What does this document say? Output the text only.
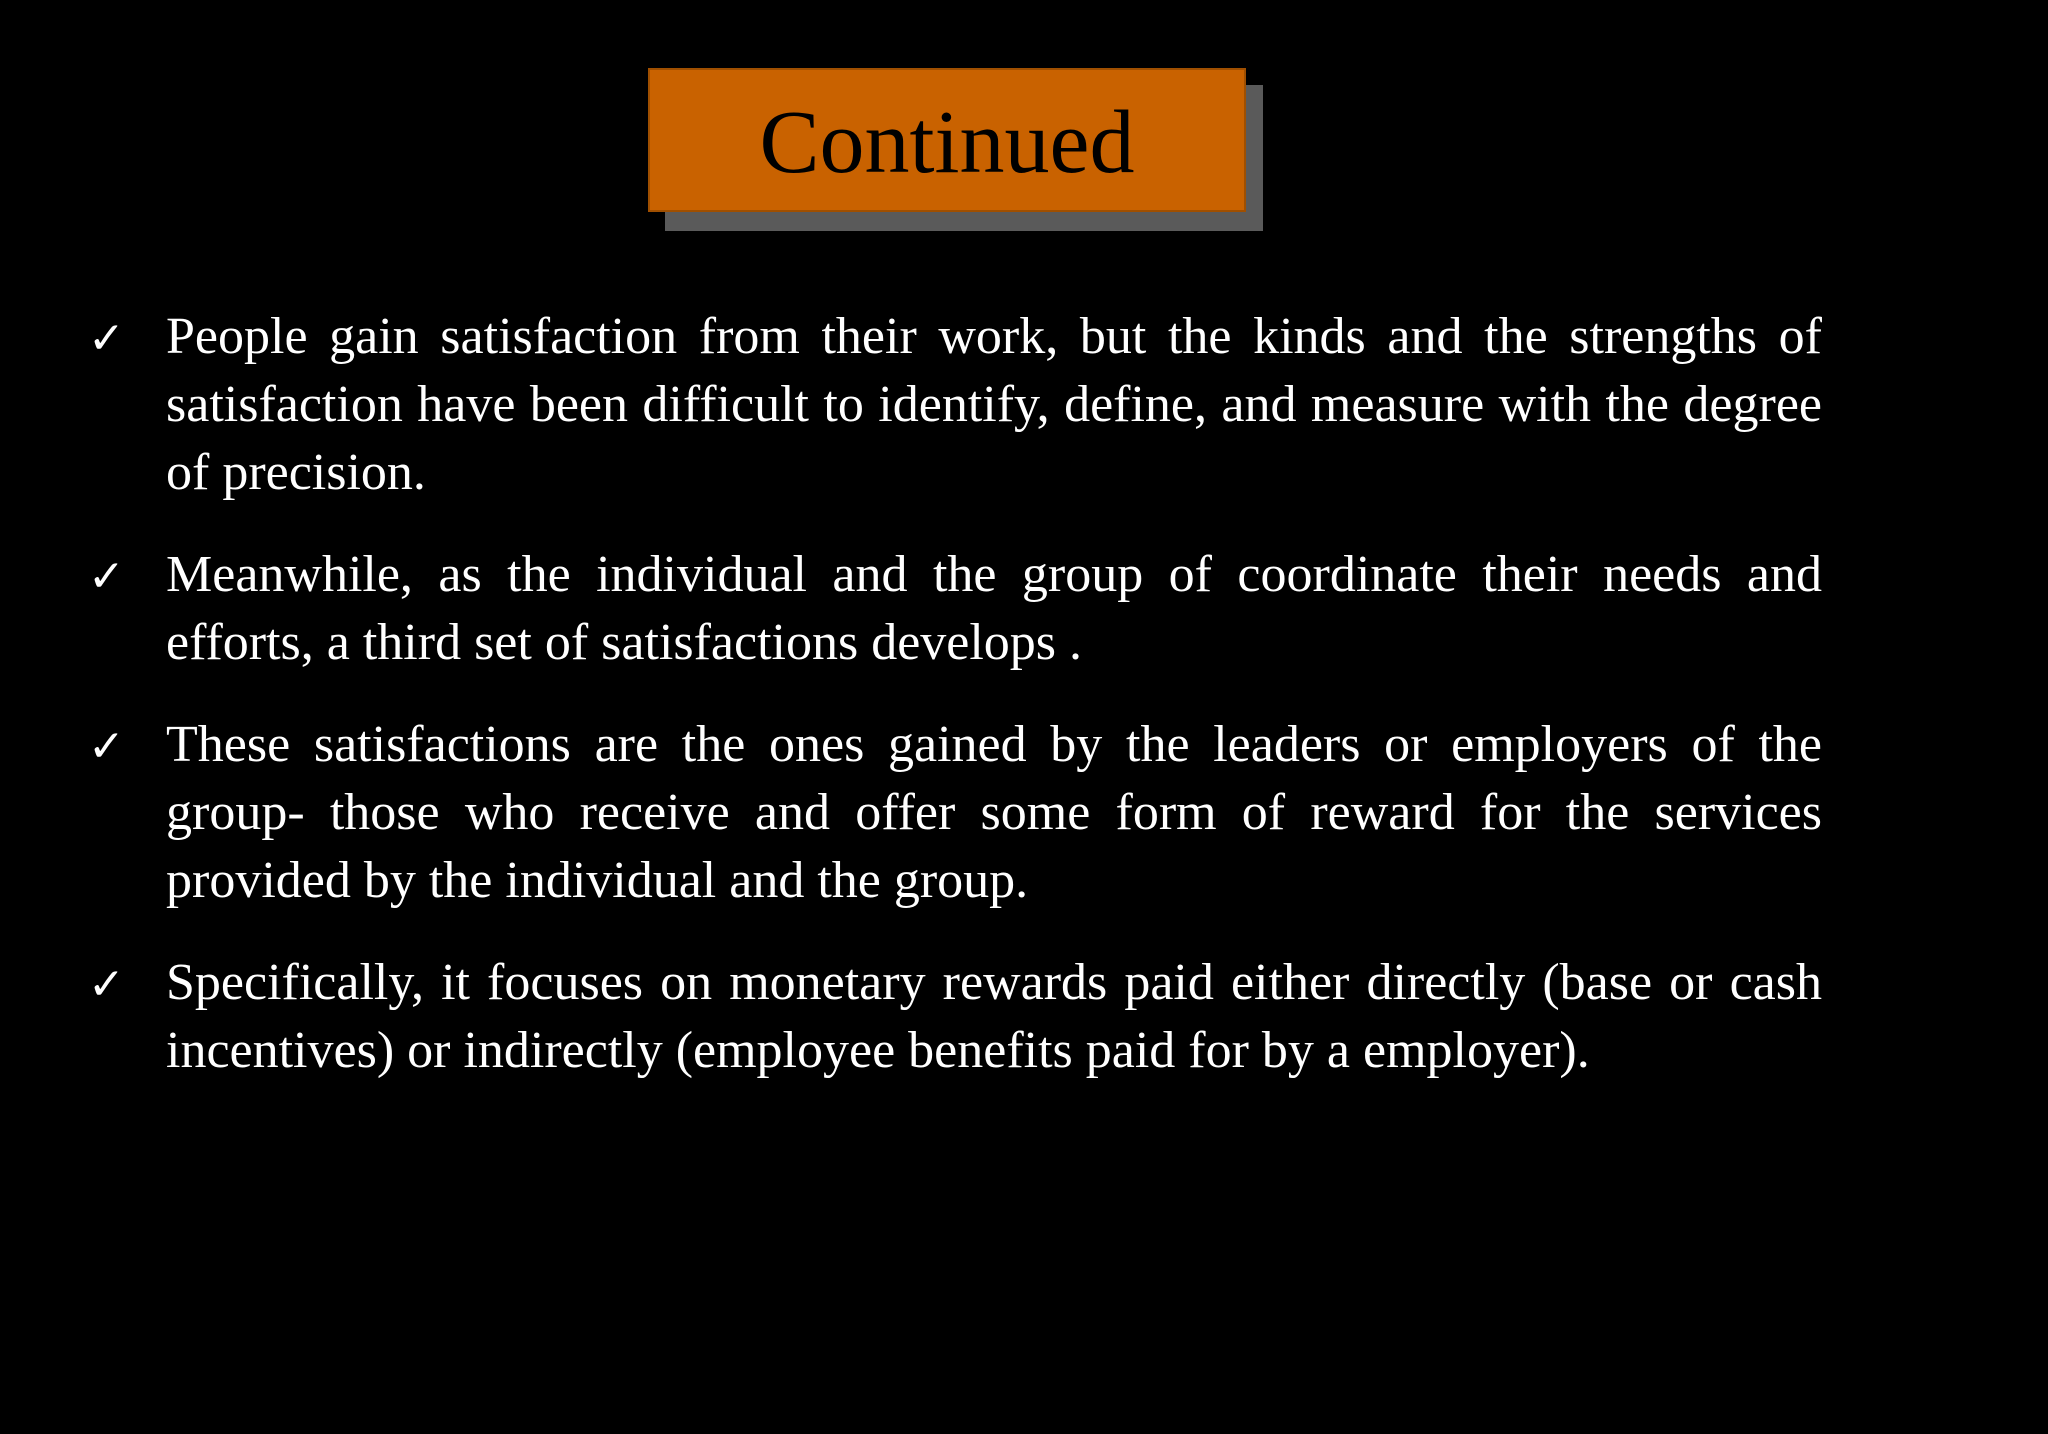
Continued
✓ People gain satisfaction from their work, but the kinds and the strengths of satisfaction have been difficult to identify, define, and measure with the degree of precision.
✓ Meanwhile, as the individual and the group of coordinate their needs and efforts, a third set of satisfactions develops .
✓ These satisfactions are the ones gained by the leaders or employers of the group- those who receive and offer some form of reward for the services provided by the individual and the group.
✓ Specifically, it focuses on monetary rewards paid either directly (base or cash incentives) or indirectly (employee benefits paid for by a employer).
